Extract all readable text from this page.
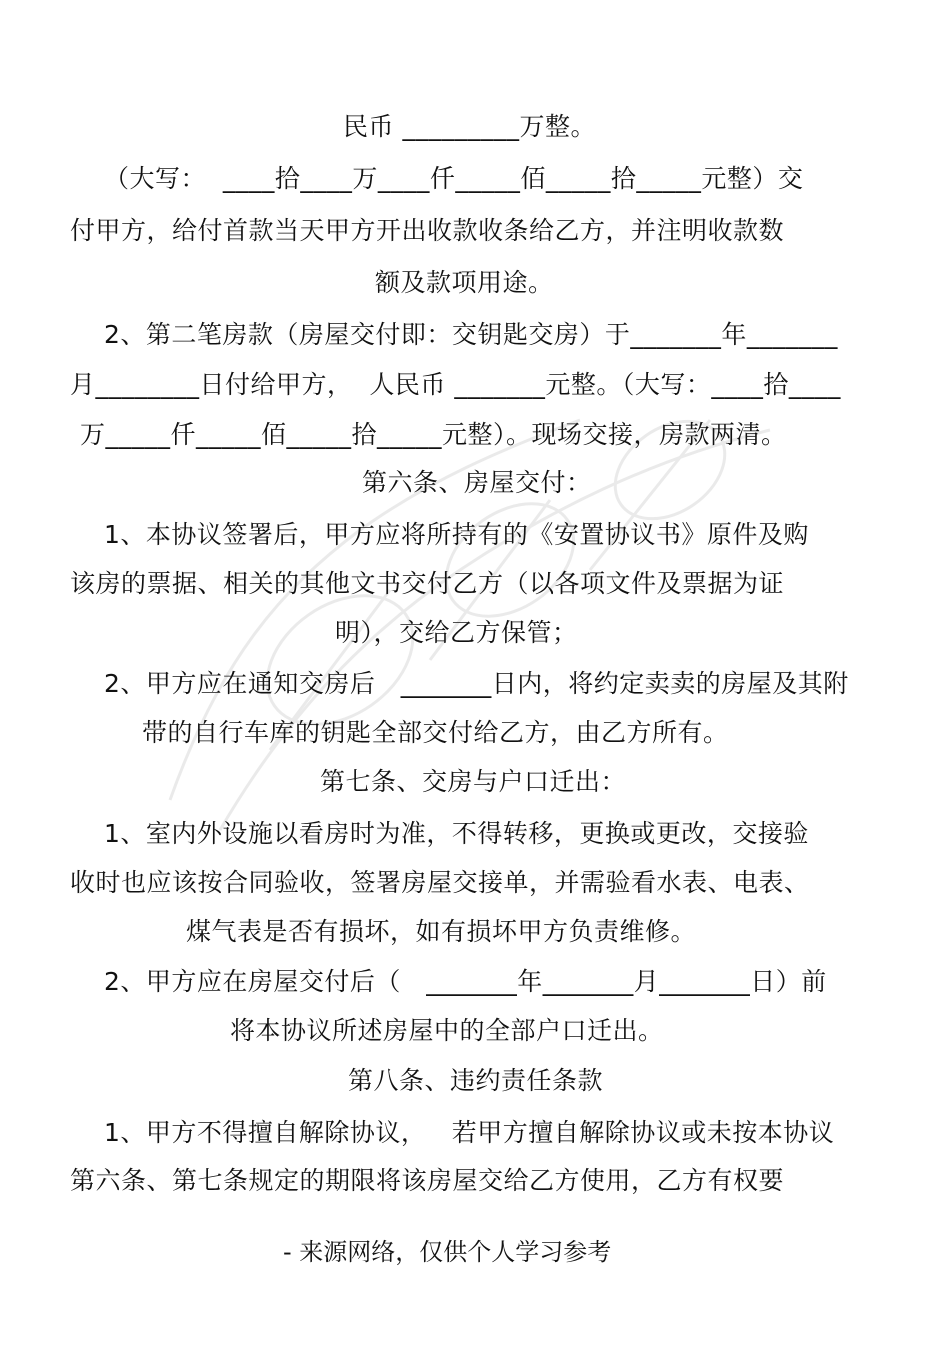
民币 _________万整。
（大写：  ____拾____万____仟_____佰_____拾_____元整）交
付甲方，给付首款当天甲方开出收款收条给乙方，并注明收款数
额及款项用途。
2、第二笔房款（房屋交付即：交钥匙交房）于_______年_______
月________日付给甲方，  人民币 _______元整。（大写：____拾____
万_____仟_____佰_____拾_____元整）。现场交接，房款两清。
第六条、房屋交付：
1、本协议签署后，甲方应将所持有的《安置协议书》原件及购
该房的票据、相关的其他文书交付乙方（以各项文件及票据为证
明），交给乙方保管；
2、甲方应在通知交房后   _______日内，将约定卖卖的房屋及其附
带的自行车库的钥匙全部交付给乙方，由乙方所有。
第七条、交房与户口迁出：
1、室内外设施以看房时为准，不得转移，更换或更改，交接验
收时也应该按合同验收，签署房屋交接单，并需验看水表、电表、
煤气表是否有损坏，如有损坏甲方负责维修。
2、甲方应在房屋交付后（   _______年_______月_______日）前
将本协议所述房屋中的全部户口迁出。
第八条、违约责任条款
1、甲方不得擅自解除协议，   若甲方擅自解除协议或未按本协议
第六条、第七条规定的期限将该房屋交给乙方使用，乙方有权要
- 来源网络，仅供个人学习参考
